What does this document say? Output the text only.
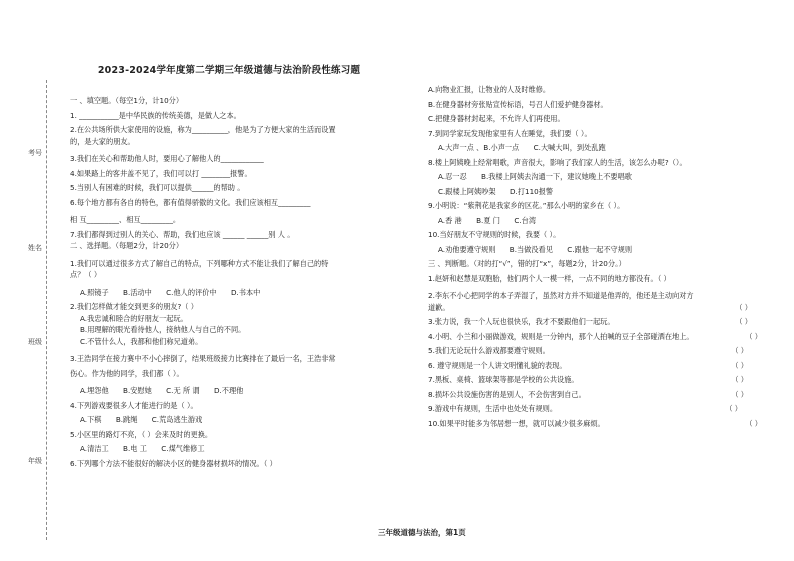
考号
姓名
班级
年级
2023-2024学年度第二学期三年级道德与法治阶段性练习题
一 、填空题。（每空1分，计10分）
1. ___________是中华民族的传统美德，是做人之本。
2.在公共场所供大家使用的设施，称为__________，他是为了方便大家的生活而设置
的，是大家的朋友。
3.我们在关心和帮助他人时，要用心了解他人的____________
4.如果路上的客井盖不见了，我们可以打 ________报警。
5.当别人有困难的时候，我们可以提供______的帮助 。
6.每个地方都有各自的特色，都有值得骄傲的文化。我们应该相互_________
相 互_________、相互_________。
7.我们都得到过别人的关心、帮助，我们也应该 ______ ______别 人 。
二 、选择题。（每题2分，计20分）
1.我们可以通过很多方式了解自己的特点，下列哪种方式不能让我们了解自己的特
点？（ ）
A.照镜子　　B.活动中　　C.他人的评价中　　D.书本中
2.我们怎样做才能交到更多的朋友?（ ）
A.我忠诚和睦合的好朋友一起玩。
B.用理解的眼光看待他人，接纳他人与自己的不同。
C.不管什么人，我都和他们称兄道弟。
3.王浩同学在接力赛中不小心摔倒了，结果班级接力比赛排在了最后一名，王浩非常
伤心。作为他的同学，我们都（ ）。
A.埋怨他　　B.安慰她　　C.无 所 谓　　D.不理他
4.下列游戏要很多人才能进行的是（ ）。
A.下棋　　B.跳绳　　C.荒岛逃生游戏
5.小区里的路灯不亮，（ ）会来及时的更换。
A.清洁工　　B.电 工　　C.煤气维修工
6.下列哪个方法不能很好的解决小区的健身器材损坏的情况。（ ）
A.向物业汇报，让物业的人及时维修。
B.在健身器材旁张贴宣传标语，号召人们爱护健身器材。
C.把健身器材封起来，不允许人们再使用。
7.到同学家玩发现他家里有人在睡觉，我们要（ ）。
A.大声一点 、B.小声一点　　C.大喊大叫，到处乱跑
8.楼上阿姨晚上经常唱歌，声音很大，影响了我们家人的生活，该怎么办呢?（）。
A.忍一忍　　B.我楼上阿姨去沟通一下，建议她晚上不要唱歌
C.跟楼上阿姨吵架　　D.打110报警
9.小明说：“紫荆花是我家乡的区花。”那么小明的家乡在（ ）。
A.香 港　　B.夏 门　　C.台湾
10.当好朋友不守规则的时候，我要（ ）。
A.劝他要遵守规则　　B.当做没看见　　C.跟他一起不守规则
三 、判断题。（对的打“√”，错的打“x”，每题2分，计20分。）
1.赵妍和赵慧是双胞胎，他们两个人一模一样，一点不同的地方都没有。（ ）
2.李东不小心把同学的本子弄湿了，虽然对方并不知道是他弄的，他还是主动向对方
道歉。	（ ）
3.张力说，我一个人玩也很快乐，我才不要跟他们一起玩。	（ ）
4.小明、小兰和小丽做游戏，规则是一分钟内，那个人拍喊的豆子全部碰洒在地上。	（ ）
5.我们无论玩什么游戏都要遵守规则。	（ ）
6. 遵守规则是一个人讲文明懂礼貌的表现。	（ ）
7.黑板、桌椅、篮球架等都是学校的公共设施。	（ ）
8.损坏公共设施伤害的是别人，不会伤害到自己。	（ ）
9.游戏中有规则，生活中也处处有规则。	（ ）
10.如果平时能多为邻居想一想，就可以减少很多麻烦。	（ ）
三年级道德与法治，第1页
